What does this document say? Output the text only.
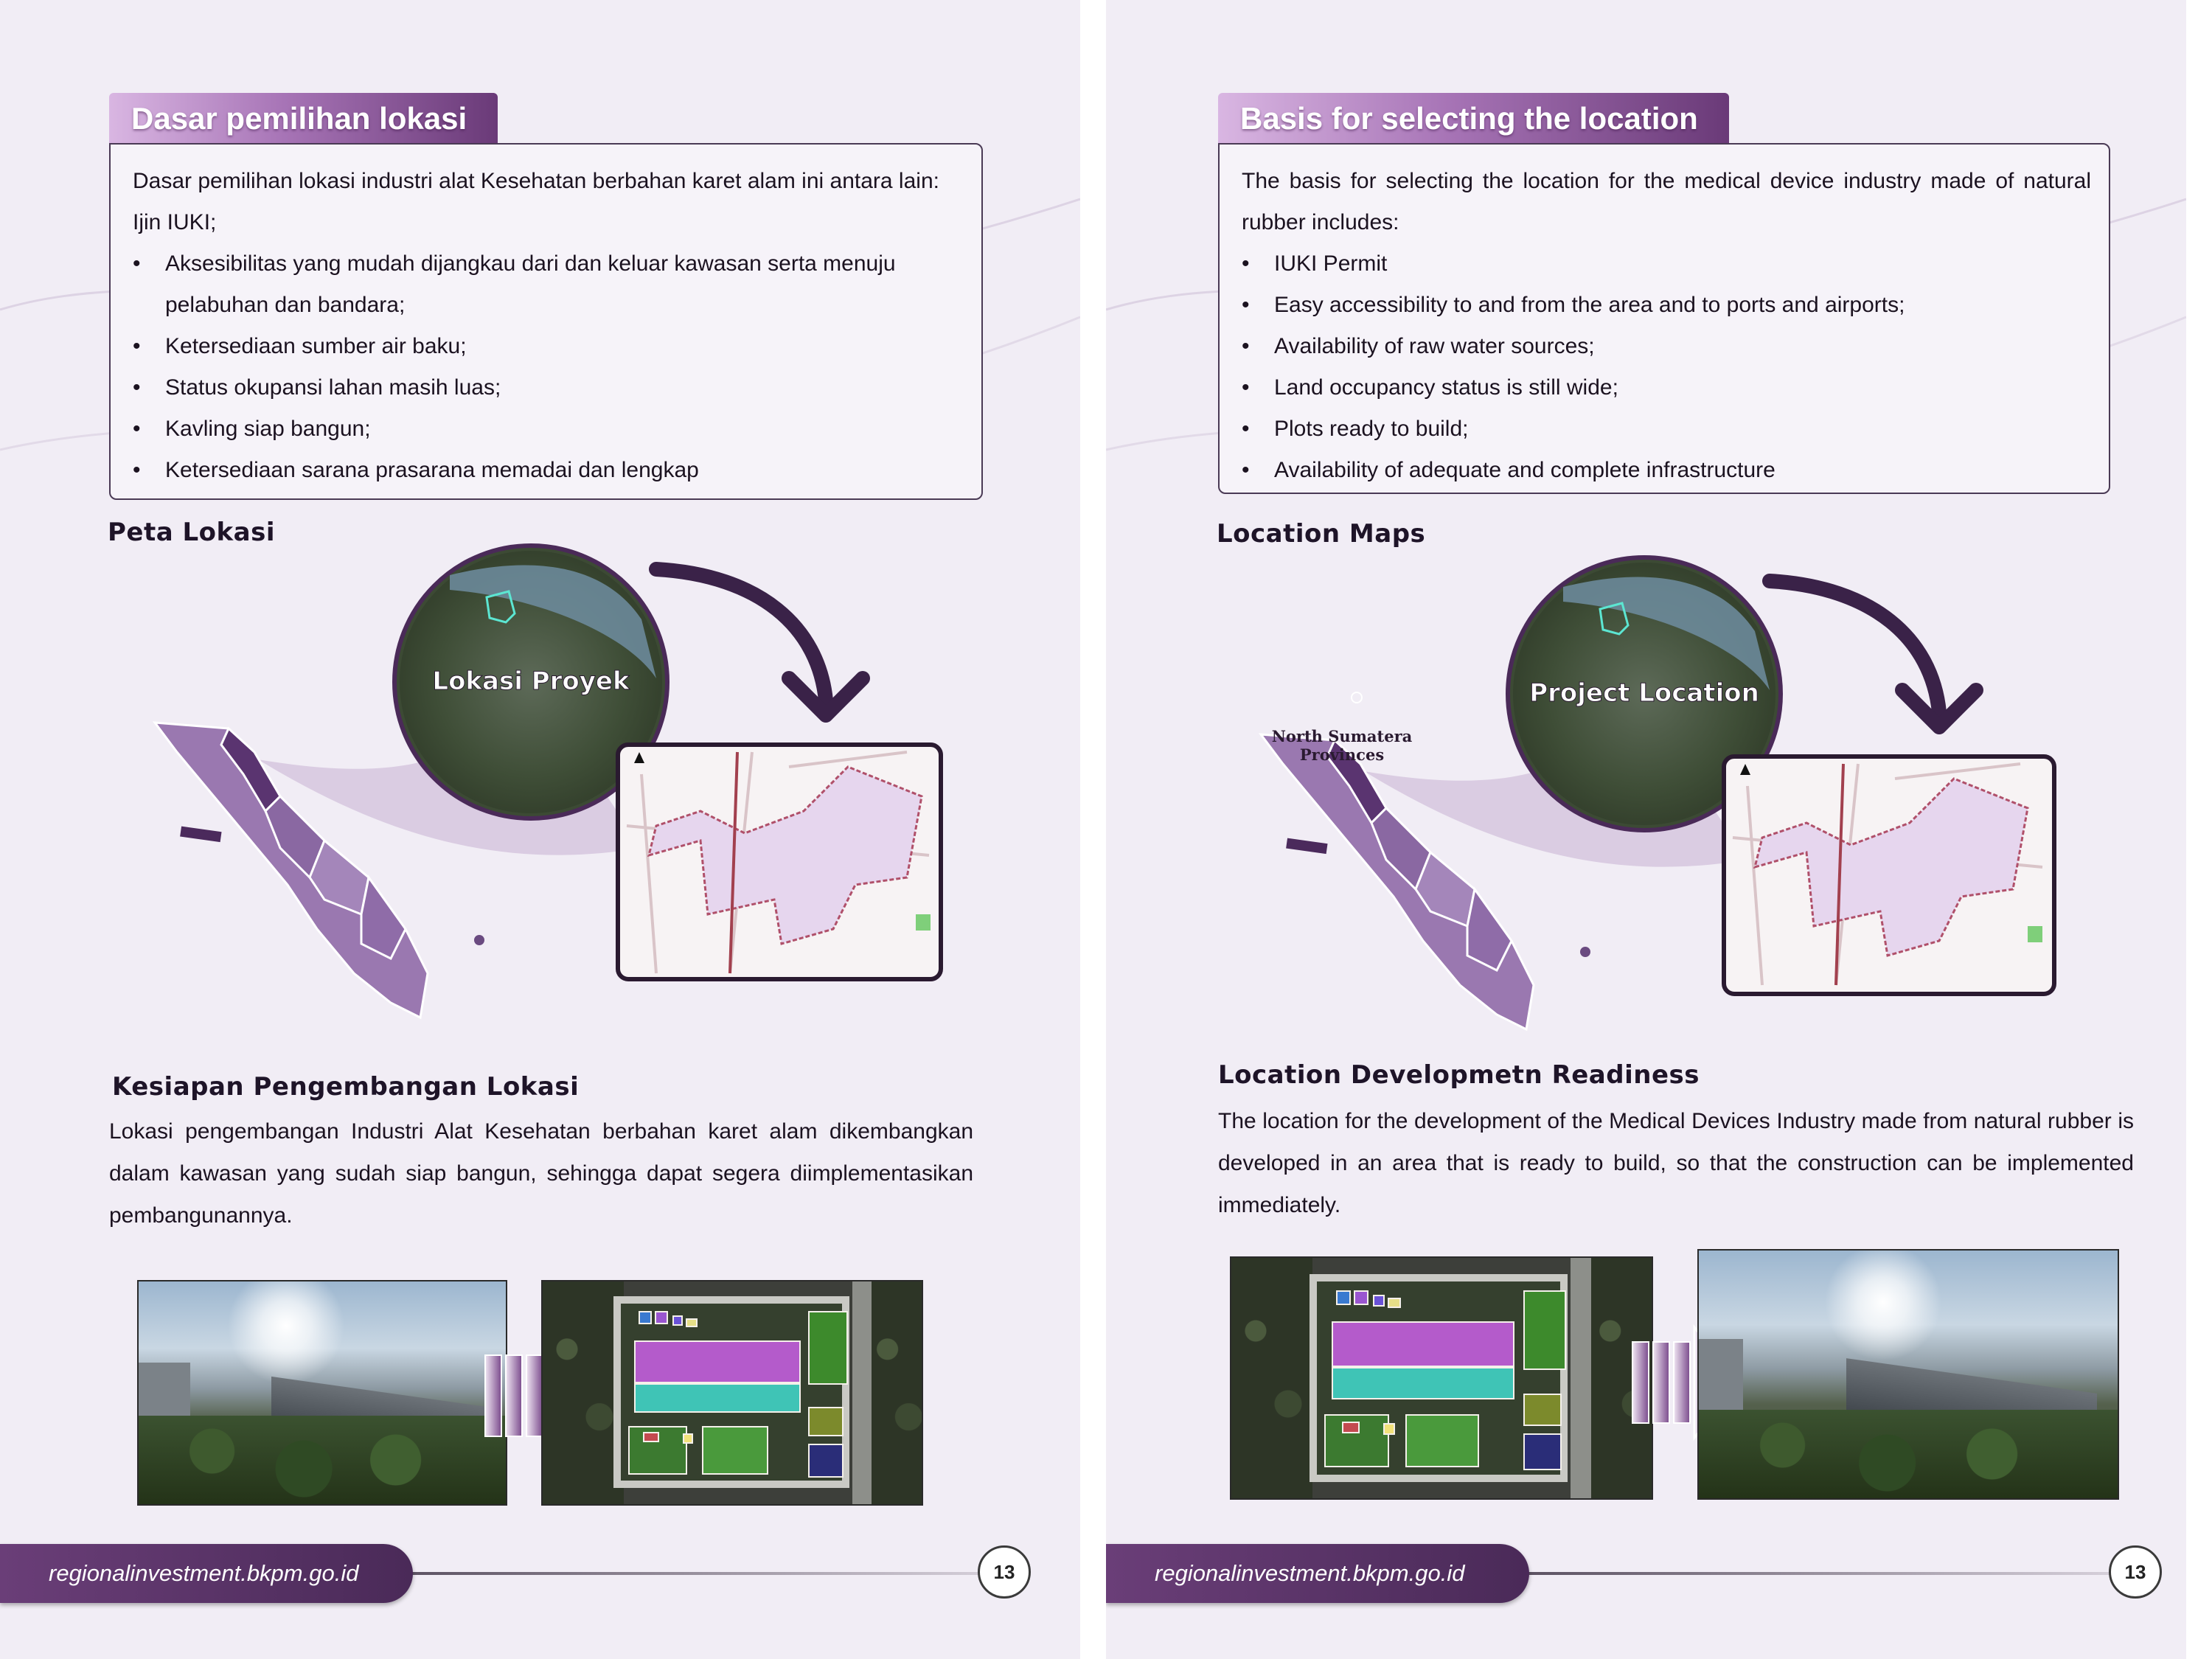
Dasar pemilihan lokasi
Dasar pemilihan lokasi industri alat Kesehatan berbahan karet alam ini antara lain:
Ijin IUKI;
• Aksesibilitas yang mudah dijangkau dari dan keluar kawasan serta menuju pelabuhan dan bandara;
• Ketersediaan sumber air baku;
• Status okupansi lahan masih luas;
• Kavling siap bangun;
• Ketersediaan sarana prasarana memadai dan lengkap
Peta Lokasi
Lokasi Proyek
Kesiapan Pengembangan Lokasi
Lokasi pengembangan Industri Alat Kesehatan berbahan karet alam dikembangkan dalam kawasan yang sudah siap bangun, sehingga dapat segera diimplementasikan pembangunannya.
regionalinvestment.bkpm.go.id	13
Basis for selecting the location
The basis for selecting the location for the medical device industry made of natural rubber includes:
• IUKI Permit
• Easy accessibility to and from the area and to ports and airports;
• Availability of raw water sources;
• Land occupancy status is still wide;
• Plots ready to build;
• Availability of adequate and complete infrastructure
Location Maps
North Sumatera
Provinces
Project Location
Location Developmetn Readiness
The location for the development of the Medical Devices Industry made from natural rubber is developed in an area that is ready to build, so that the construction can be implemented immediately.
regionalinvestment.bkpm.go.id	13
